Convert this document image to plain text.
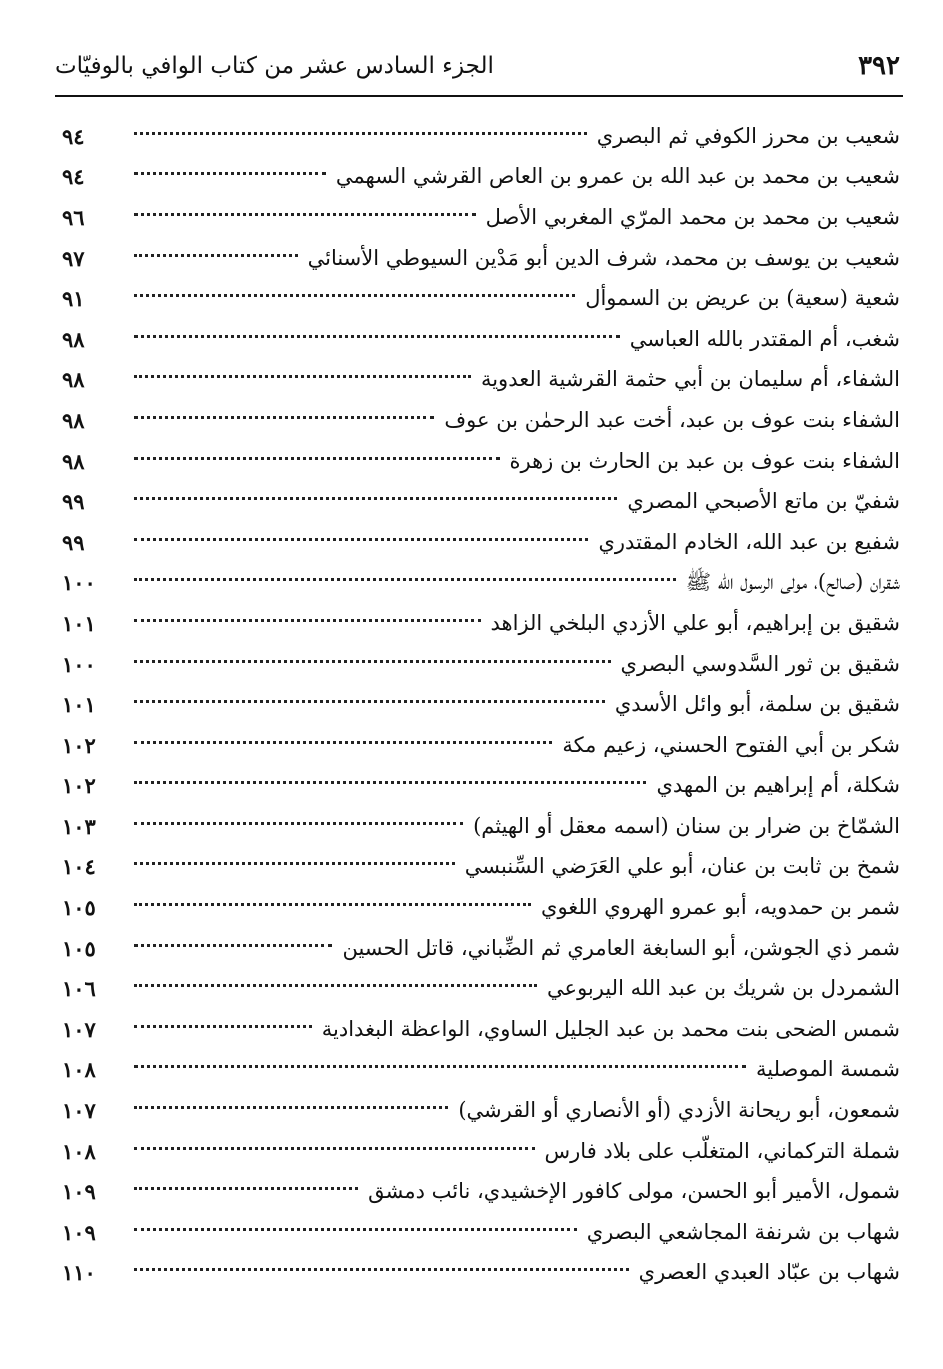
٣٩٢
الجزء السادس عشر من كتاب الوافي بالوفيّات
شعيب بن محرز الكوفي ثم البصري
٩٤
شعيب بن محمد بن عبد الله بن عمرو بن العاص القرشي السهمي
٩٤
شعيب بن محمد بن محمد المرّي المغربي الأصل
٩٦
شعيب بن يوسف بن محمد، شرف الدين أبو مَدْين السيوطي الأسنائي
٩٧
شعية (سعية) بن عريض بن السموأل
٩١
شغب، أم المقتدر بالله العباسي
٩٨
الشفاء، أم سليمان بن أبي حثمة القرشية العدوية
٩٨
الشفاء بنت عوف بن عبد، أخت عبد الرحمٰن بن عوف
٩٨
الشفاء بنت عوف بن عبد بن الحارث بن زهرة
٩٨
شفيّ بن ماتع الأصبحي المصري
٩٩
شفيع بن عبد الله، الخادم المقتدري
٩٩
شقران (صالح)، مولى الرسول الله ﷺ
١٠٠
شقيق بن إبراهيم، أبو علي الأزدي البلخي الزاهد
١٠١
شقيق بن ثور السَّدوسي البصري
١٠٠
شقيق بن سلمة، أبو وائل الأسدي
١٠١
شكر بن أبي الفتوح الحسني، زعيم مكة
١٠٢
شكلة، أم إبراهيم بن المهدي
١٠٢
الشمّاخ بن ضرار بن سنان (اسمه معقل أو الهيثم)
١٠٣
شمخ بن ثابت بن عنان، أبو علي العَرَضي السِّنبسي
١٠٤
شمر بن حمدويه، أبو عمرو الهروي اللغوي
١٠٥
شمر ذي الجوشن، أبو السابغة العامري ثم الضِّباني، قاتل الحسين
١٠٥
الشمردل بن شريك بن عبد الله اليربوعي
١٠٦
شمس الضحى بنت محمد بن عبد الجليل الساوي، الواعظة البغدادية
١٠٧
شمسة الموصلية
١٠٨
شمعون، أبو ريحانة الأزدي (أو الأنصاري أو القرشي)
١٠٧
شملة التركماني، المتغلّب على بلاد فارس
١٠٨
شمول، الأمير أبو الحسن، مولى كافور الإخشيدي، نائب دمشق
١٠٩
شهاب بن شرنفة المجاشعي البصري
١٠٩
شهاب بن عبّاد العبدي العصري
١١٠
